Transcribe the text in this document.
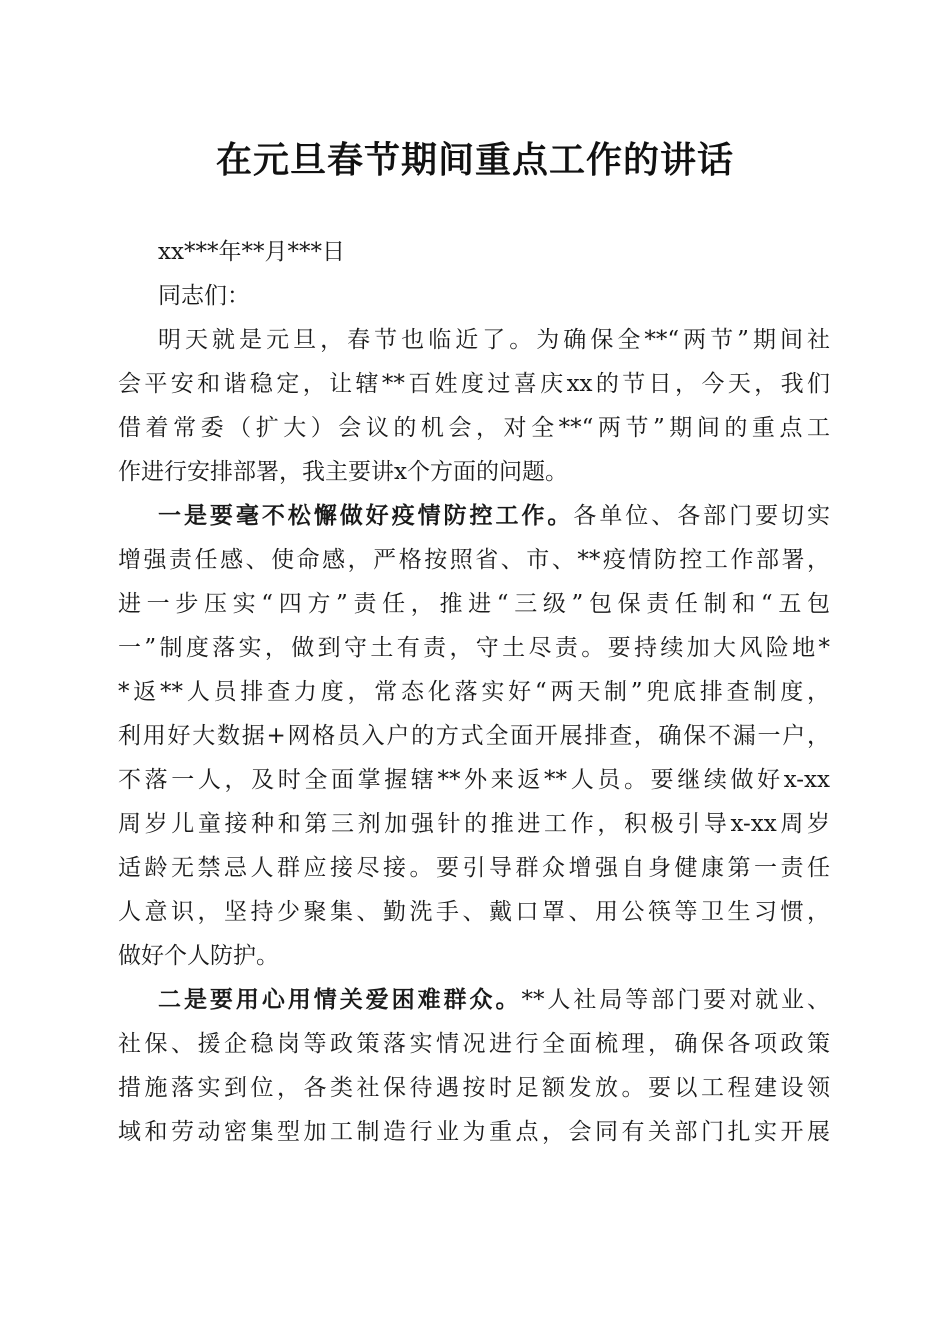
在元旦春节期间重点工作的讲话

xx***年**月***日

同志们：

明天就是元旦，春节也临近了。为确保全**“两节”期间社

会平安和谐稳定，让辖**百姓度过喜庆xx的节日，今天，我们

借着常委（扩大）会议的机会，对全**“两节”期间的重点工

作进行安排部署，我主要讲x个方面的问题。

一是要毫不松懈做好疫情防控工作。各单位、各部门要切实

增强责任感、使命感，严格按照省、市、**疫情防控工作部署，

进一步压实“四方”责任，推进“三级”包保责任制和“五包

一”制度落实，做到守土有责，守土尽责。要持续加大风险地*

*返**人员排查力度，常态化落实好“两天制”兜底排查制度，

利用好大数据+网格员入户的方式全面开展排查，确保不漏一户，

不落一人，及时全面掌握辖**外来返**人员。要继续做好x-xx

周岁儿童接种和第三剂加强针的推进工作，积极引导x-xx周岁

适龄无禁忌人群应接尽接。要引导群众增强自身健康第一责任

人意识，坚持少聚集、勤洗手、戴口罩、用公筷等卫生习惯，

做好个人防护。

二是要用心用情关爱困难群众。**人社局等部门要对就业、

社保、援企稳岗等政策落实情况进行全面梳理，确保各项政策

措施落实到位，各类社保待遇按时足额发放。要以工程建设领

域和劳动密集型加工制造行业为重点，会同有关部门扎实开展
